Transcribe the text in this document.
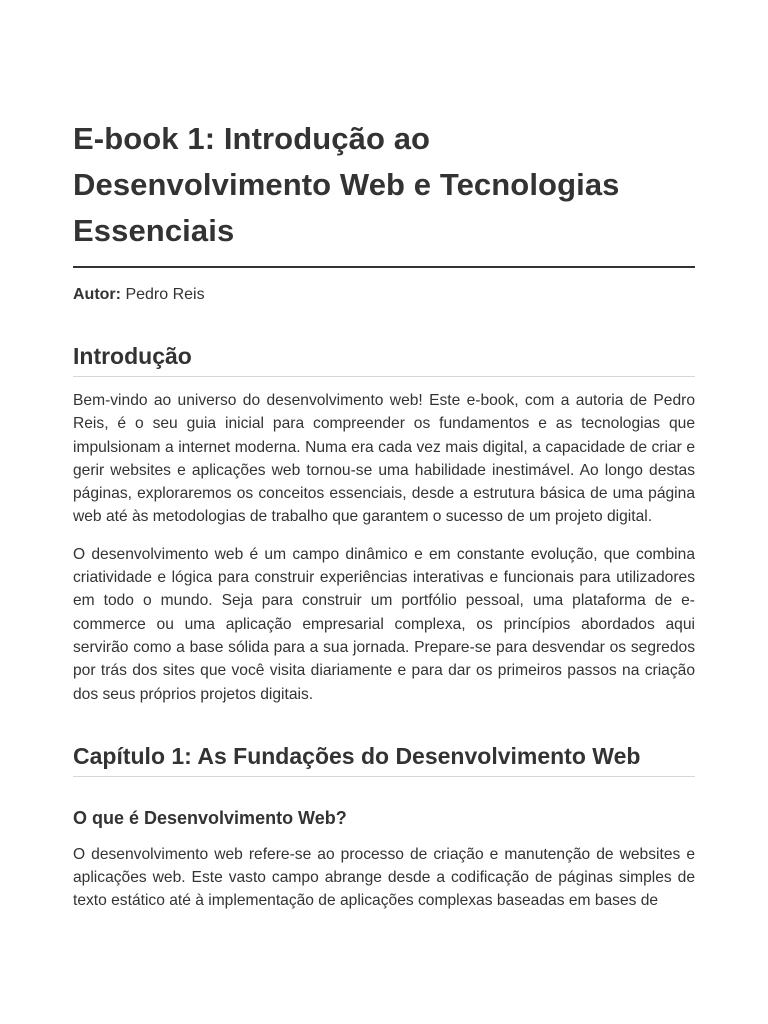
E-book 1: Introdução ao Desenvolvimento Web e Tecnologias Essenciais
Autor: Pedro Reis
Introdução

Bem-vindo ao universo do desenvolvimento web! Este e-book, com a autoria de Pedro Reis, é o seu guia inicial para compreender os fundamentos e as tecnologias que impulsionam a internet moderna. Numa era cada vez mais digital, a capacidade de criar e gerir websites e aplicações web tornou-se uma habilidade inestimável. Ao longo destas páginas, exploraremos os conceitos essenciais, desde a estrutura básica de uma página web até às metodologias de trabalho que garantem o sucesso de um projeto digital.

O desenvolvimento web é um campo dinâmico e em constante evolução, que combina criatividade e lógica para construir experiências interativas e funcionais para utilizadores em todo o mundo. Seja para construir um portfólio pessoal, uma plataforma de e-commerce ou uma aplicação empresarial complexa, os princípios abordados aqui servirão como a base sólida para a sua jornada. Prepare-se para desvendar os segredos por trás dos sites que você visita diariamente e para dar os primeiros passos na criação dos seus próprios projetos digitais.

Capítulo 1: As Fundações do Desenvolvimento Web
O que é Desenvolvimento Web?

O desenvolvimento web refere-se ao processo de criação e manutenção de websites e aplicações web. Este vasto campo abrange desde a codificação de páginas simples de texto estático até à implementação de aplicações complexas baseadas em bases de
